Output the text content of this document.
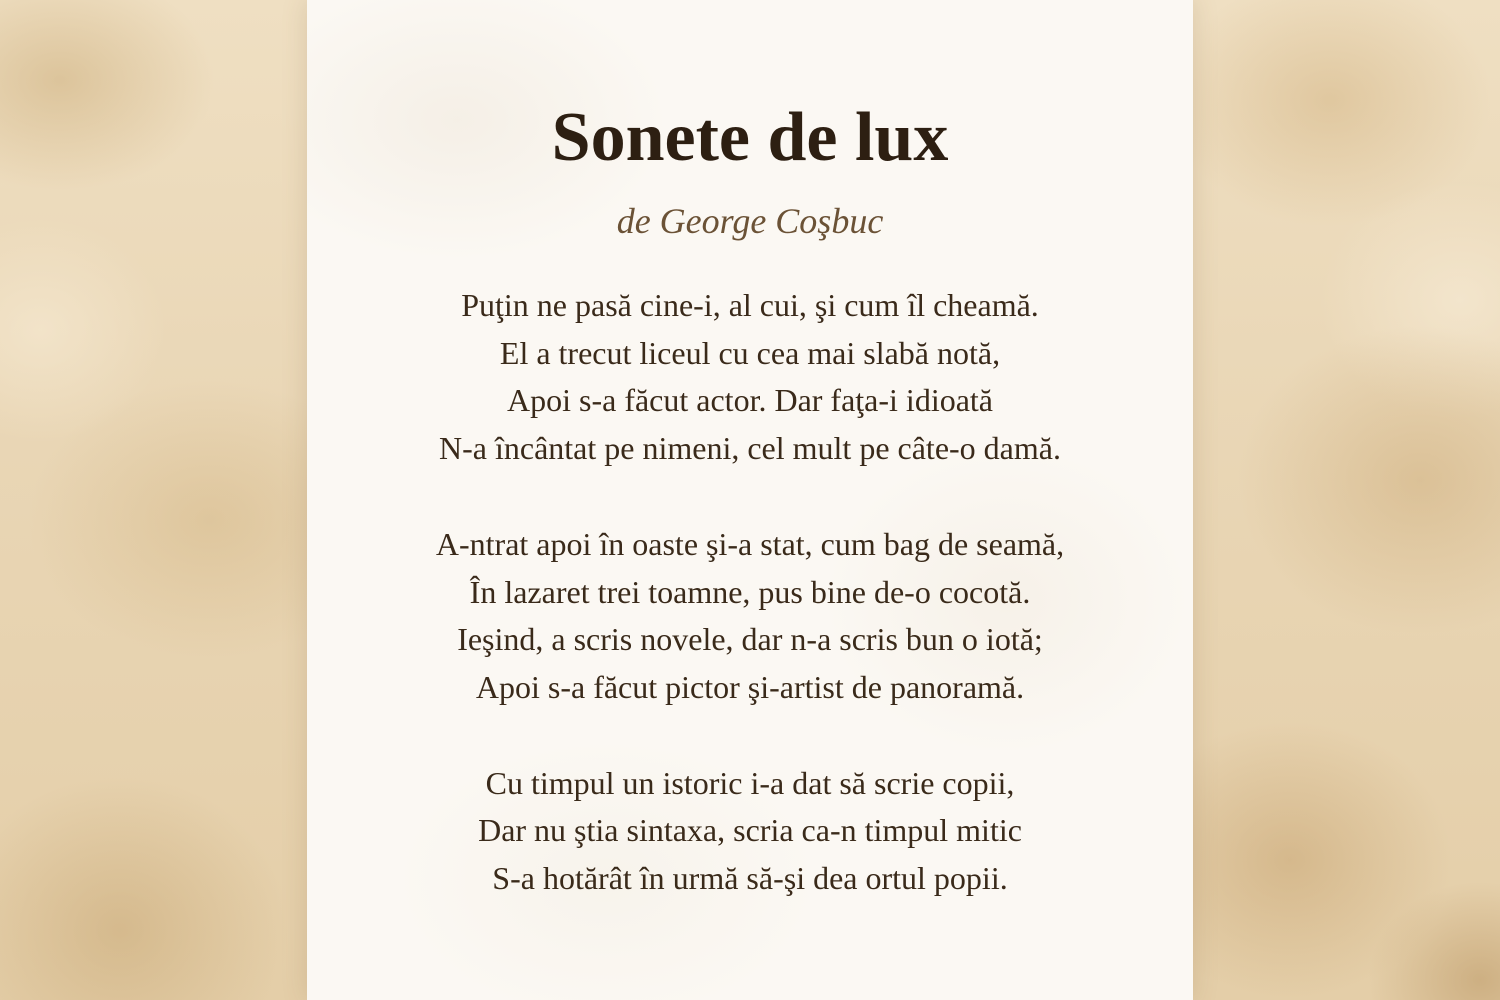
Sonete de lux

de George Coşbuc

Puţin ne pasă cine-i, al cui, şi cum îl cheamă.
El a trecut liceul cu cea mai slabă notă,
Apoi s-a făcut actor. Dar faţa-i idioată
N-a încântat pe nimeni, cel mult pe câte-o damă.
A-ntrat apoi în oaste şi-a stat, cum bag de seamă,
În lazaret trei toamne, pus bine de-o cocotă.
Ieşind, a scris novele, dar n-a scris bun o iotă;
Apoi s-a făcut pictor şi-artist de panoramă.
Cu timpul un istoric i-a dat să scrie copii,
Dar nu ştia sintaxa, scria ca-n timpul mitic
S-a hotărât în urmă să-şi dea ortul popii.
